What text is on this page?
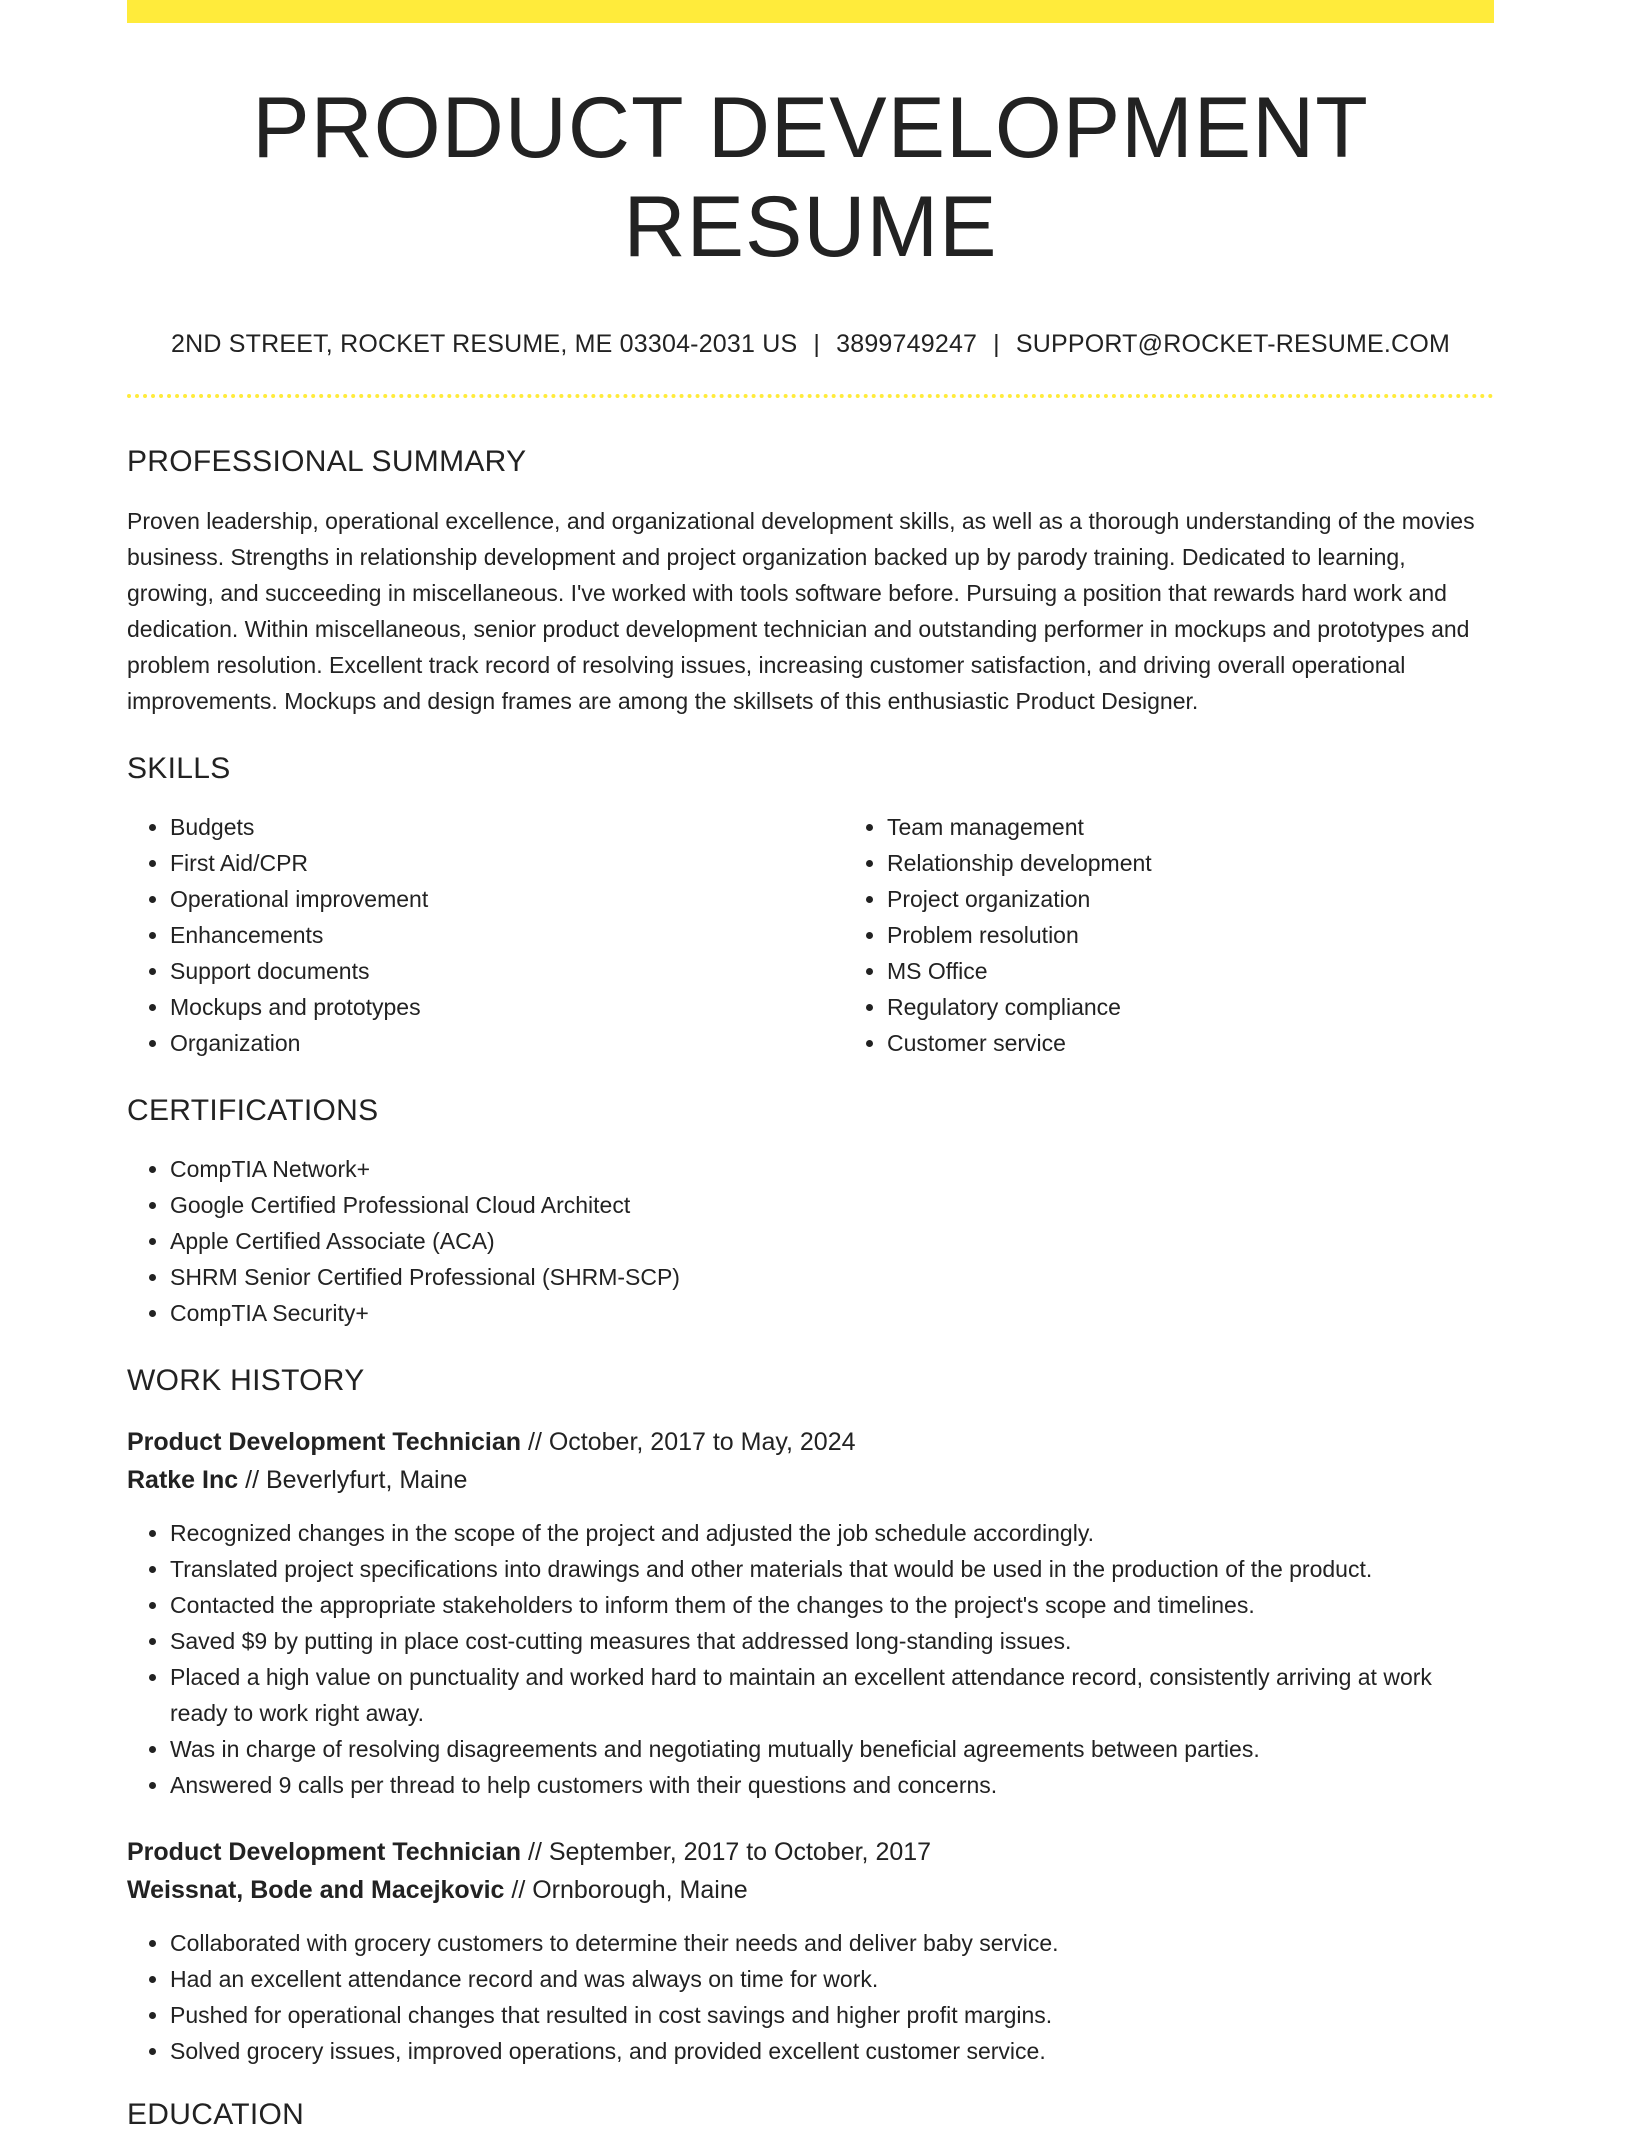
PRODUCT DEVELOPMENT RESUME
2ND STREET, ROCKET RESUME, ME 03304-2031 US | 3899749247 | SUPPORT@ROCKET-RESUME.COM
PROFESSIONAL SUMMARY

Proven leadership, operational excellence, and organizational development skills, as well as a thorough understanding of the movies business. Strengths in relationship development and project organization backed up by parody training. Dedicated to learning, growing, and succeeding in miscellaneous. I've worked with tools software before. Pursuing a position that rewards hard work and dedication. Within miscellaneous, senior product development technician and outstanding performer in mockups and prototypes and problem resolution. Excellent track record of resolving issues, increasing customer satisfaction, and driving overall operational improvements. Mockups and design frames are among the skillsets of this enthusiastic Product Designer.

SKILLS
• Budgets
• First Aid/CPR
• Operational improvement
• Enhancements
• Support documents
• Mockups and prototypes
• Organization
• Team management
• Relationship development
• Project organization
• Problem resolution
• MS Office
• Regulatory compliance
• Customer service
CERTIFICATIONS
• CompTIA Network+
• Google Certified Professional Cloud Architect
• Apple Certified Associate (ACA)
• SHRM Senior Certified Professional (SHRM-SCP)
• CompTIA Security+
WORK HISTORY
Product Development Technician // October, 2017 to May, 2024
Ratke Inc // Beverlyfurt, Maine
• Recognized changes in the scope of the project and adjusted the job schedule accordingly.
• Translated project specifications into drawings and other materials that would be used in the production of the product.
• Contacted the appropriate stakeholders to inform them of the changes to the project's scope and timelines.
• Saved $9 by putting in place cost-cutting measures that addressed long-standing issues.
• Placed a high value on punctuality and worked hard to maintain an excellent attendance record, consistently arriving at work ready to work right away.
• Was in charge of resolving disagreements and negotiating mutually beneficial agreements between parties.
• Answered 9 calls per thread to help customers with their questions and concerns.
Product Development Technician // September, 2017 to October, 2017
Weissnat, Bode and Macejkovic // Ornborough, Maine
• Collaborated with grocery customers to determine their needs and deliver baby service.
• Had an excellent attendance record and was always on time for work.
• Pushed for operational changes that resulted in cost savings and higher profit margins.
• Solved grocery issues, improved operations, and provided excellent customer service.
EDUCATION
